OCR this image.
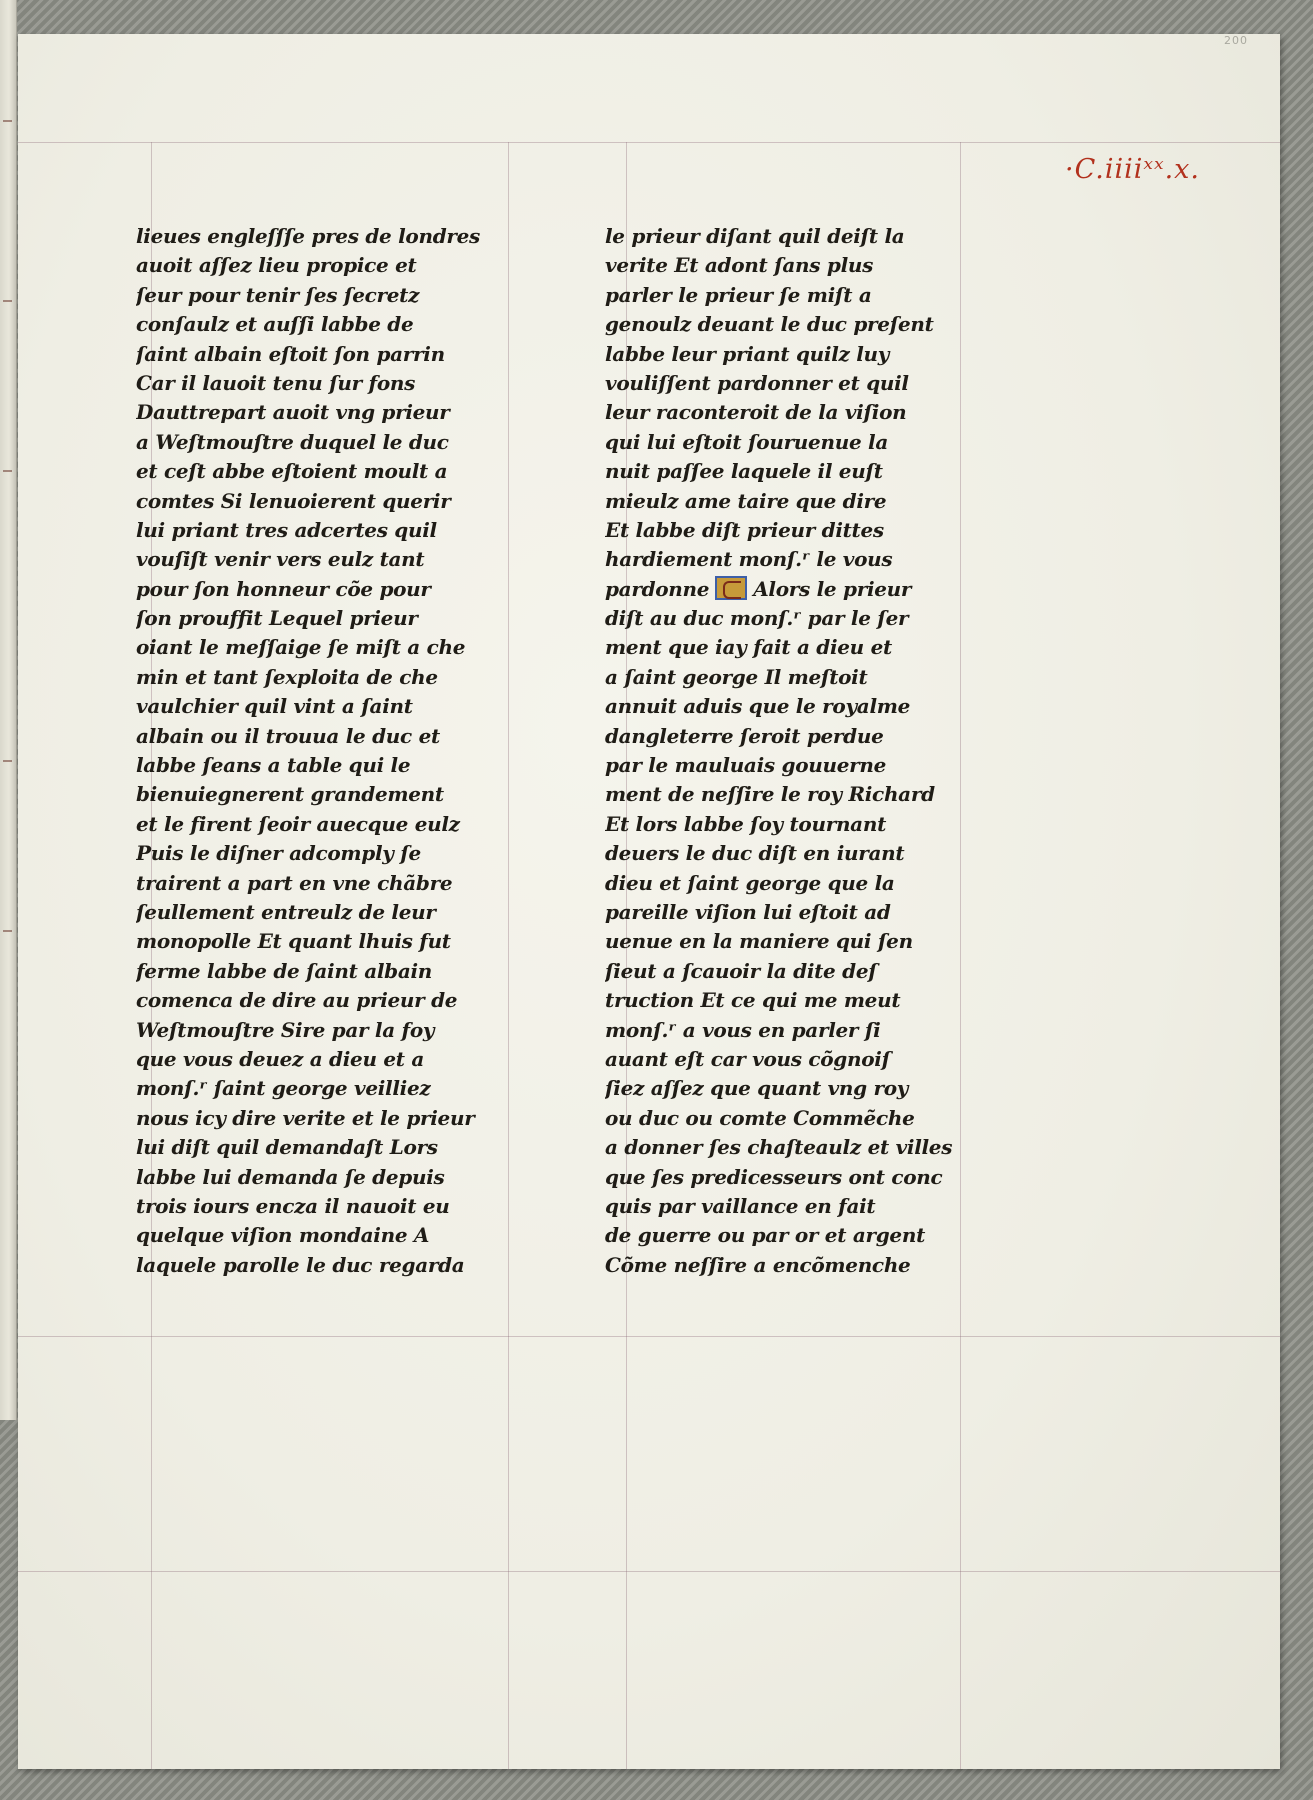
200
·C.iiiiˣˣ.x.
lieues engleſſſe pres de londres
auoit aſſez lieu propice et
ſeur pour tenir ſes ſecretz
conſaulz et auſſi labbe de
ſaint albain eſtoit ſon parrin
Car il lauoit tenu ſur fons
Dauttrepart auoit vng prieur
a Weſtmouſtre duquel le duc
et ceſt abbe eſtoient moult a
comtes Si lenuoierent querir
lui priant tres adcertes quil
vouſiſt venir vers eulz tant
pour ſon honneur cõe pour
ſon prouffit Lequel prieur
oiant le meſſaige ſe miſt a che
min et tant ſexploita de che
vaulchier quil vint a ſaint
albain ou il trouua le duc et
labbe ſeans a table qui le
bienuiegnerent grandement
et le firent ſeoir auecque eulz
Puis le diſner adcomply ſe
trairent a part en vne chãbre
ſeullement entreulz de leur
monopolle Et quant lhuis fut
ferme labbe de ſaint albain
comenca de dire au prieur de
Weſtmouſtre Sire par la foy
que vous deuez a dieu et a
monſ.ʳ ſaint george veilliez
nous icy dire verite et le prieur
lui diſt quil demandaſt Lors
labbe lui demanda ſe depuis
trois iours encza il nauoit eu
quelque viſion mondaine A
laquele parolle le duc regarda
le prieur diſant quil deiſt la
verite Et adont ſans plus
parler le prieur ſe miſt a
genoulz deuant le duc preſent
labbe leur priant quilz luy
vouliſſent pardonner et quil
leur raconteroit de la viſion
qui lui eſtoit ſouruenue la
nuit paſſee laquele il euſt
mieulz ame taire que dire
Et labbe diſt prieur dittes
hardiement monſ.ʳ le vous
pardonne Alors le prieur
diſt au duc monſ.ʳ par le ſer
ment que iay fait a dieu et
a ſaint george Il meſtoit
annuit aduis que le royalme
dangleterre ſeroit perdue
par le mauluais gouuerne
ment de neſſire le roy Richard
Et lors labbe ſoy tournant
deuers le duc diſt en iurant
dieu et ſaint george que la
pareille viſion lui eſtoit ad
uenue en la maniere qui ſen
ſieut a ſcauoir la dite deſ
truction Et ce qui me meut
monſ.ʳ a vous en parler ſi
auant eſt car vous cõgnoiſ
ſiez aſſez que quant vng roy
ou duc ou comte Commẽche
a donner ſes chaſteaulz et villes
que ſes predicesseurs ont conc
quis par vaillance en fait
de guerre ou par or et argent
Cõme neſſire a encõmenche
